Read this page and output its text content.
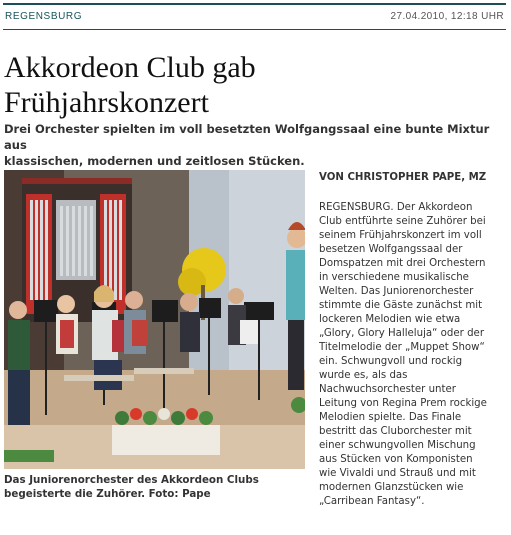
REGENSBURG	27.04.2010, 12:18 UHR
Akkordeon Club gab
Frühjahrskonzert

Drei Orchester spielten im voll besetzten Wolfgangssaal eine bunte Mixtur aus
klassischen, modernen und zeitlosen Stücken.

Das Juniorenorchester des Akkordeon Clubs
begeisterte die Zuhörer. Foto: Pape
VON CHRISTOPHER PAPE, MZ
REGENSBURG. Der Akkordeon
Club entführte seine Zuhörer bei
seinem Frühjahrskonzert im voll
besetzen Wolfgangssaal der
Domspatzen mit drei Orchestern
in verschiedene musikalische
Welten. Das Juniorenorchester
stimmte die Gäste zunächst mit
lockeren Melodien wie etwa
„Glory, Glory Halleluja“ oder der
Titelmelodie der „Muppet Show“
ein. Schwungvoll und rockig
wurde es, als das
Nachwuchsorchester unter
Leitung von Regina Prem rockige
Melodien spielte. Das Finale
bestritt das Cluborchester mit
einer schwungvollen Mischung
aus Stücken von Komponisten
wie Vivaldi und Strauß und mit
modernen Glanzstücken wie
„Carribean Fantasy“.
